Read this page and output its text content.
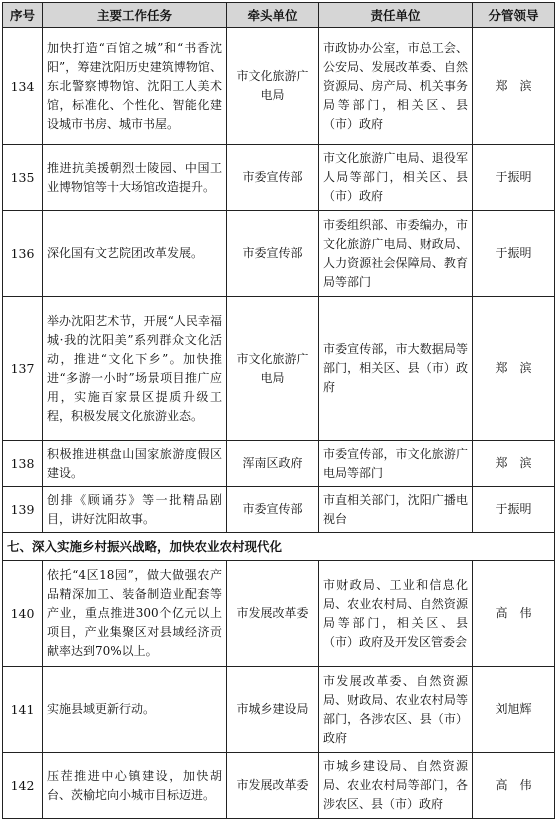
序号	主要工作任务	牵头单位	责任单位	分管领导
134	加快打造“百馆之城”和“书香沈阳”，筹建沈阳历史建筑博物馆、东北警察博物馆、沈阳工人美术馆，标准化、个性化、智能化建设城市书房、城市书屋。	市文化旅游广电局	市政协办公室，市总工会、公安局、发展改革委、自然资源局、房产局、机关事务局等部门，相关区、县（市）政府	郑　滨
135	推进抗美援朝烈士陵园、中国工业博物馆等十大场馆改造提升。	市委宣传部	市文化旅游广电局、退役军人局等部门，相关区、县（市）政府	于振明
136	深化国有文艺院团改革发展。	市委宣传部	市委组织部、市委编办，市文化旅游广电局、财政局、人力资源社会保障局、教育局等部门	于振明
137	举办沈阳艺术节，开展“人民幸福城·我的沈阳美”系列群众文化活动，推进“文化下乡”。加快推进“多游一小时”场景项目推广应用，实施百家景区提质升级工程，积极发展文化旅游业态。	市文化旅游广电局	市委宣传部，市大数据局等部门，相关区、县（市）政府	郑　滨
138	积极推进棋盘山国家旅游度假区建设。	浑南区政府	市委宣传部，市文化旅游广电局等部门	郑　滨
139	创排《顾诵芬》等一批精品剧目，讲好沈阳故事。	市委宣传部	市直相关部门，沈阳广播电视台	于振明
七、深入实施乡村振兴战略，加快农业农村现代化				
140	依托“4区18园”，做大做强农产品精深加工、装备制造业配套等产业，重点推进300个亿元以上项目，产业集聚区对县域经济贡献率达到70%以上。	市发展改革委	市财政局、工业和信息化局、农业农村局、自然资源局等部门，相关区、县（市）政府及开发区管委会	高　伟
141	实施县域更新行动。	市城乡建设局	市发展改革委、自然资源局、财政局、农业农村局等部门，各涉农区、县（市）政府	刘旭辉
142	压茬推进中心镇建设，加快胡台、茨榆坨向小城市目标迈进。	市发展改革委	市城乡建设局、自然资源局、农业农村局等部门，各涉农区、县（市）政府	高　伟
